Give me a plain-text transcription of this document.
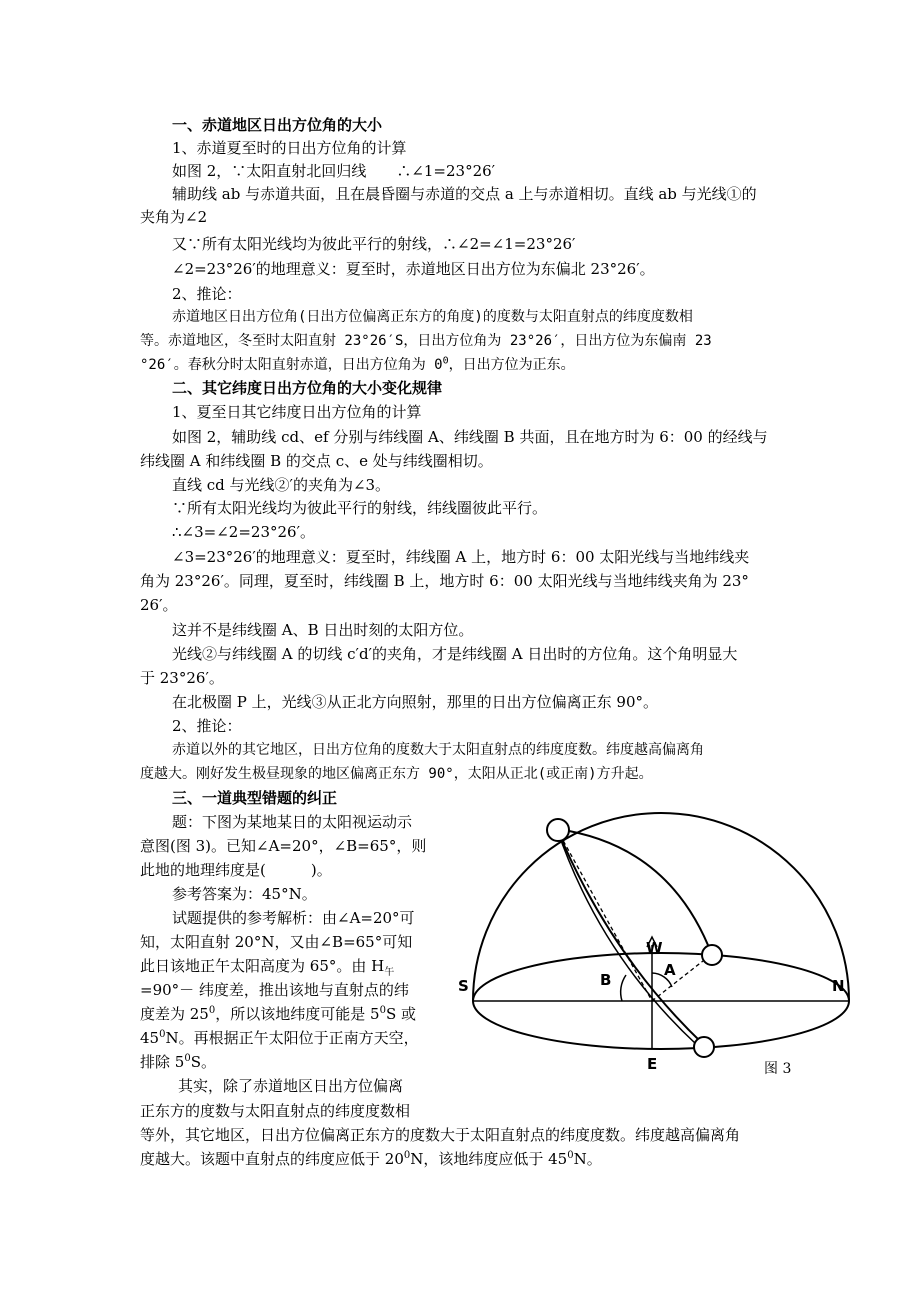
一、赤道地区日出方位角的大小
1、赤道夏至时的日出方位角的计算
如图 2，∵太阳直射北回归线　　∴∠1=23°26′
辅助线 ab 与赤道共面，且在晨昏圈与赤道的交点 a 上与赤道相切。直线 ab 与光线①的
夹角为∠2
又∵所有太阳光线均为彼此平行的射线，∴∠2=∠1=23°26′
∠2=23°26′的地理意义：夏至时，赤道地区日出方位为东偏北 23°26′。
2、推论：
赤道地区日出方位角(日出方位偏离正东方的角度)的度数与太阳直射点的纬度度数相
等。赤道地区，冬至时太阳直射 23°26′S，日出方位角为 23°26′，日出方位为东偏南 23
°26′。春秋分时太阳直射赤道，日出方位角为 $0^0$，日出方位为正东。
二、其它纬度日出方位角的大小变化规律
1、夏至日其它纬度日出方位角的计算
如图 2，辅助线 cd、ef 分别与纬线圈 A、纬线圈 B 共面，且在地方时为 6：00 的经线与
纬线圈 A 和纬线圈 B 的交点 c、e 处与纬线圈相切。
直线 cd 与光线②′的夹角为∠3。
∵所有太阳光线均为彼此平行的射线，纬线圈彼此平行。
∴∠3=∠2=23°26′。
∠3=23°26′的地理意义：夏至时，纬线圈 A 上，地方时 6：00 太阳光线与当地纬线夹
角为 23°26′。同理，夏至时，纬线圈 B 上，地方时 6：00 太阳光线与当地纬线夹角为 23°
26′。
这并不是纬线圈 A、B 日出时刻的太阳方位。
光线②与纬线圈 A 的切线 c′d′的夹角，才是纬线圈 A 日出时的方位角。这个角明显大
于 23°26′。
在北极圈 P 上，光线③从正北方向照射，那里的日出方位偏离正东 90°。
2、推论：
赤道以外的其它地区，日出方位角的度数大于太阳直射点的纬度度数。纬度越高偏离角
度越大。刚好发生极昼现象的地区偏离正东方 90°，太阳从正北(或正南)方升起。
三、一道典型错题的纠正
题：下图为某地某日的太阳视运动示
意图(图 3)。已知∠A=20°，∠B=65°，则
此地的地理纬度是(　　　)。
参考答案为：45°N。
试题提供的参考解析：由∠A=20°可
知，太阳直射 20°N，又由∠B=65°可知
此日该地正午太阳高度为 65°。由 $H_午$
=90°－ 纬度差，推出该地与直射点的纬
度差为 $25^0$，所以该地纬度可能是 $5^0S$ 或
$45^0N$。再根据正午太阳位于正南方天空，
排除 $5^0S$。
其实，除了赤道地区日出方位偏离
正东方的度数与太阳直射点的纬度度数相
等外，其它地区，日出方位偏离正东方的度数大于太阳直射点的纬度度数。纬度越高偏离角
度越大。该题中直射点的纬度应低于 $20^0N$，该地纬度应低于 $45^0N$。
S	N
W
E
A
B
图 3
